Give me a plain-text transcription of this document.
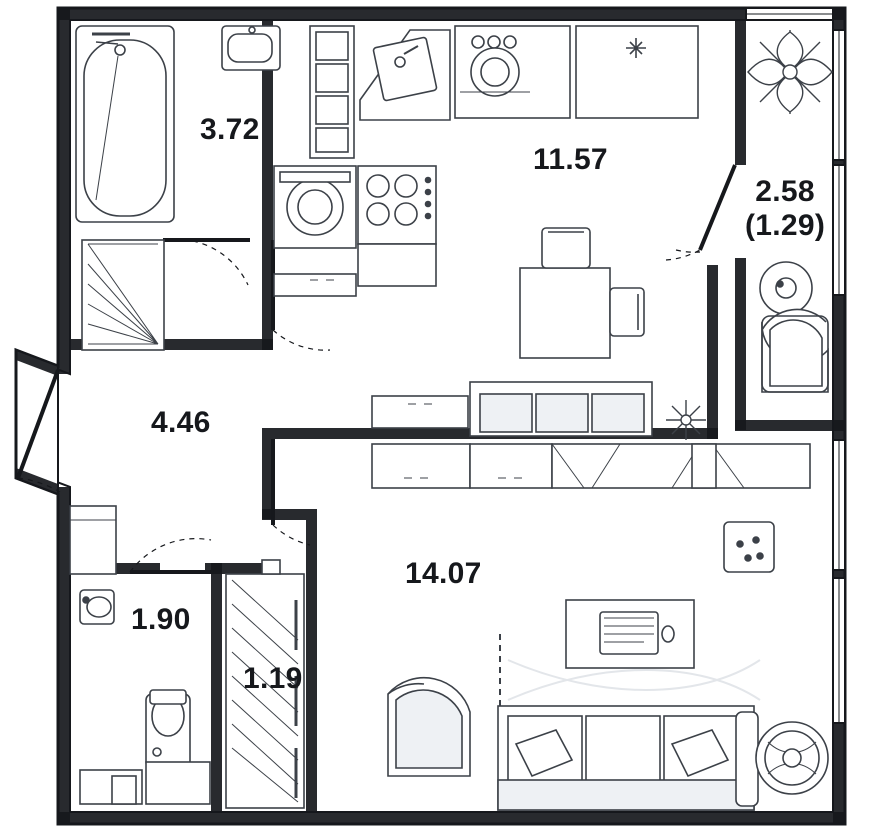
3.72
11.57
2.58
(1.29)
4.46
14.07
1.90
1.19
